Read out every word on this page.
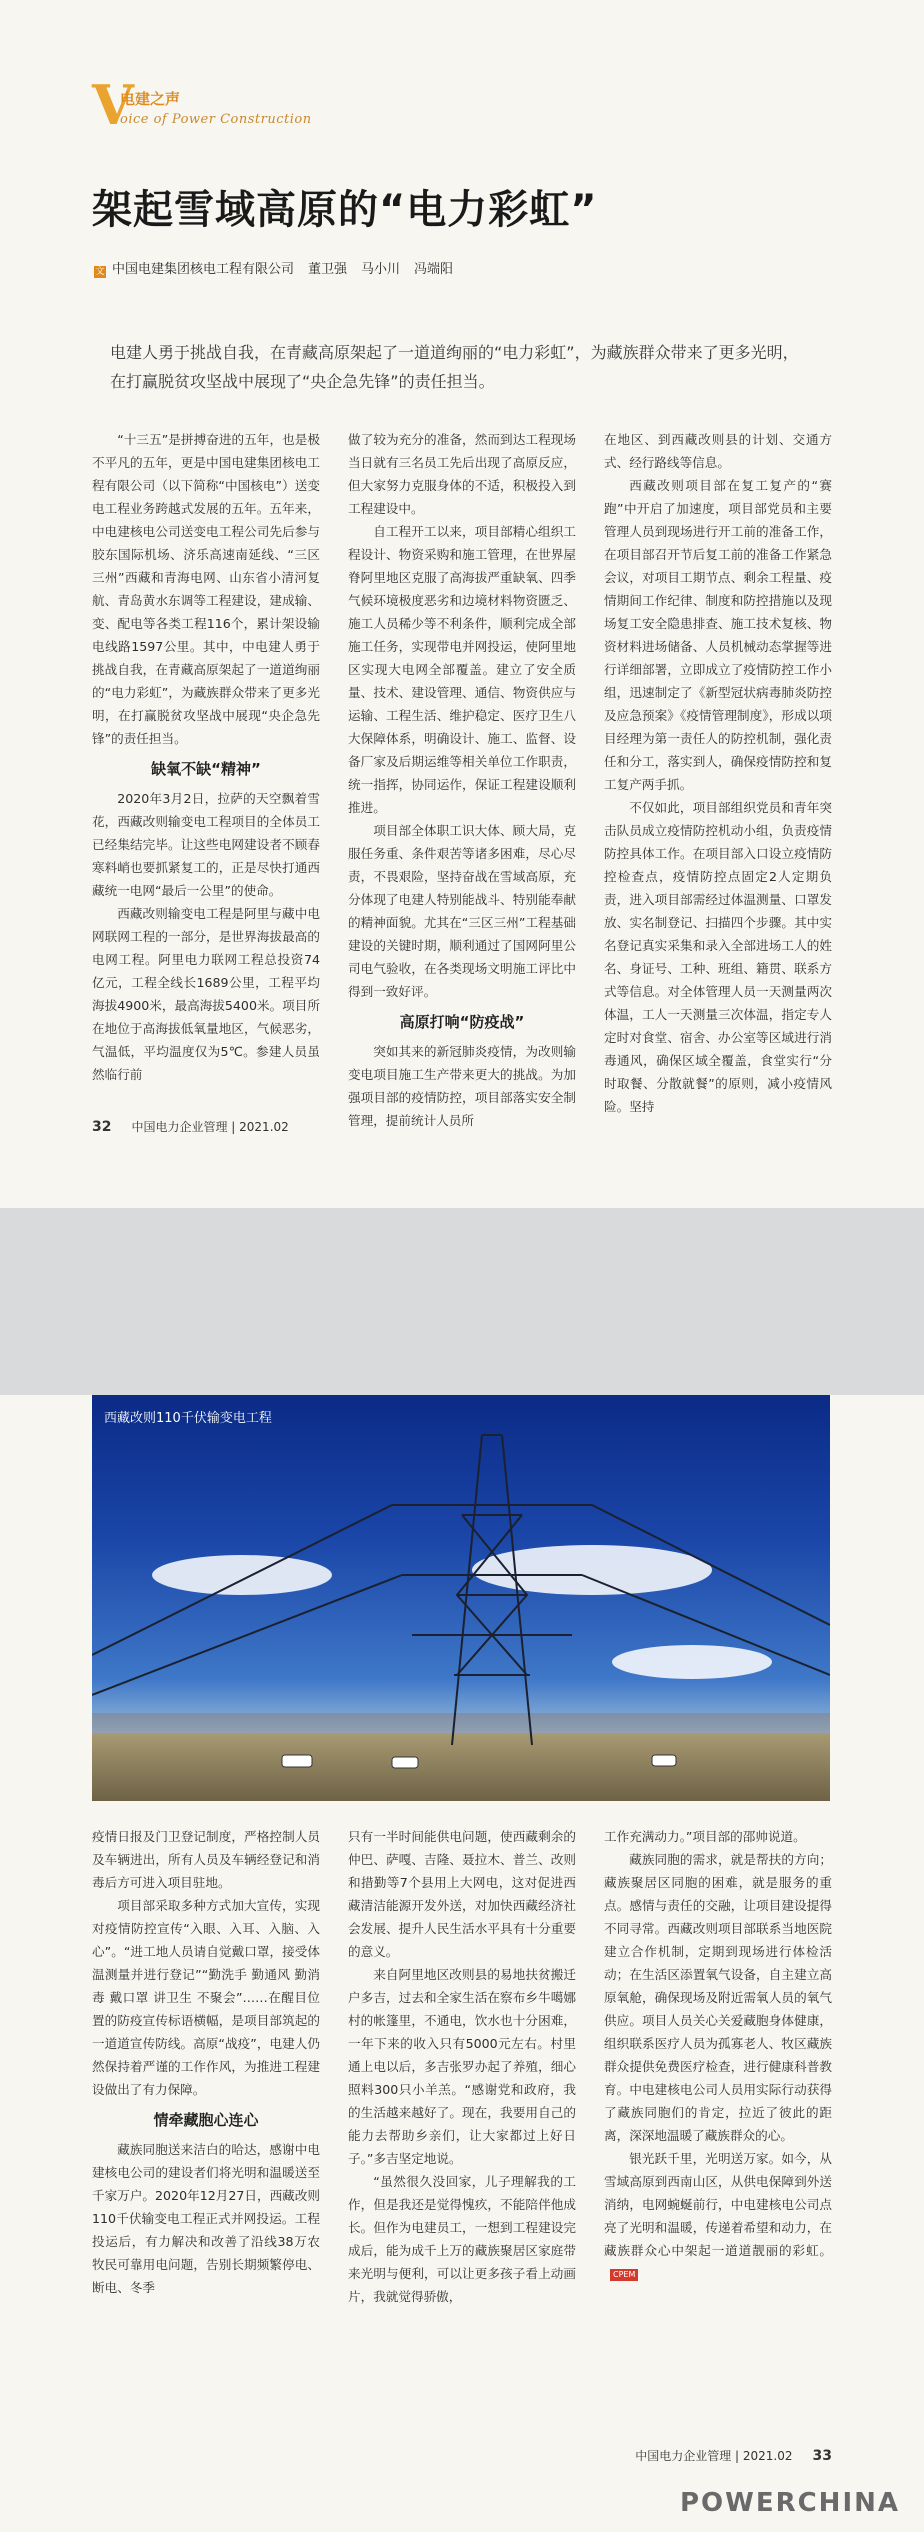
V
电建之声
oice of Power Construction
架起雪域高原的“电力彩虹”
文 中国电建集团核电工程有限公司 董卫强 马小川 冯端阳
电建人勇于挑战自我，在青藏高原架起了一道道绚丽的“电力彩虹”，为藏族群众带来了更多光明，在打赢脱贫攻坚战中展现了“央企急先锋”的责任担当。

“十三五”是拼搏奋进的五年，也是极不平凡的五年，更是中国电建集团核电工程有限公司（以下简称“中国核电”）送变电工程业务跨越式发展的五年。五年来，中电建核电公司送变电工程公司先后参与胶东国际机场、济乐高速南延线、“三区三州”西藏和青海电网、山东省小清河复航、青岛黄水东调等工程建设，建成输、变、配电等各类工程116个，累计架设输电线路1597公里。其中，中电建人勇于挑战自我，在青藏高原架起了一道道绚丽的“电力彩虹”，为藏族群众带来了更多光明，在打赢脱贫攻坚战中展现“央企急先锋”的责任担当。

缺氧不缺“精神”

2020年3月2日，拉萨的天空飘着雪花，西藏改则输变电工程项目的全体员工已经集结完毕。让这些电网建设者不顾春寒料峭也要抓紧复工的，正是尽快打通西藏统一电网“最后一公里”的使命。

西藏改则输变电工程是阿里与藏中电网联网工程的一部分，是世界海拔最高的电网工程。阿里电力联网工程总投资74亿元，工程全线长1689公里，工程平均海拔4900米，最高海拔5400米。项目所在地位于高海拔低氧量地区，气候恶劣，气温低，平均温度仅为5℃。参建人员虽然临行前

做了较为充分的准备，然而到达工程现场当日就有三名员工先后出现了高原反应，但大家努力克服身体的不适，积极投入到工程建设中。

自工程开工以来，项目部精心组织工程设计、物资采购和施工管理，在世界屋脊阿里地区克服了高海拔严重缺氧、四季气候环境极度恶劣和边境材料物资匮乏、施工人员稀少等不利条件，顺利完成全部施工任务，实现带电并网投运，使阿里地区实现大电网全部覆盖。建立了安全质量、技术、建设管理、通信、物资供应与运输、工程生活、维护稳定、医疗卫生八大保障体系，明确设计、施工、监督、设备厂家及后期运维等相关单位工作职责，统一指挥，协同运作，保证工程建设顺利推进。

项目部全体职工识大体、顾大局，克服任务重、条件艰苦等诸多困难，尽心尽责，不畏艰险，坚持奋战在雪域高原，充分体现了电建人特别能战斗、特别能奉献的精神面貌。尤其在“三区三州”工程基础建设的关键时期，顺利通过了国网阿里公司电气验收，在各类现场文明施工评比中得到一致好评。

高原打响“防疫战”

突如其来的新冠肺炎疫情，为改则输变电项目施工生产带来更大的挑战。为加强项目部的疫情防控，项目部落实安全制管理，提前统计人员所

在地区、到西藏改则县的计划、交通方式、经行路线等信息。

西藏改则项目部在复工复产的“赛跑”中开启了加速度，项目部党员和主要管理人员到现场进行开工前的准备工作，在项目部召开节后复工前的准备工作紧急会议，对项目工期节点、剩余工程量、疫情期间工作纪律、制度和防控措施以及现场复工安全隐患排查、施工技术复核、物资材料进场储备、人员机械动态掌握等进行详细部署，立即成立了疫情防控工作小组，迅速制定了《新型冠状病毒肺炎防控及应急预案》《疫情管理制度》，形成以项目经理为第一责任人的防控机制，强化责任和分工，落实到人，确保疫情防控和复工复产两手抓。

不仅如此，项目部组织党员和青年突击队员成立疫情防控机动小组，负责疫情防控具体工作。在项目部入口设立疫情防控检查点，疫情防控点固定2人定期负责，进入项目部需经过体温测量、口罩发放、实名制登记、扫描四个步骤。其中实名登记真实采集和录入全部进场工人的姓名、身证号、工种、班组、籍贯、联系方式等信息。对全体管理人员一天测量两次体温，工人一天测量三次体温，指定专人定时对食堂、宿舍、办公室等区域进行消毒通风，确保区域全覆盖，食堂实行“分时取餐、分散就餐”的原则，减小疫情风险。坚持

32 中国电力企业管理 | 2021.02
西藏改则110千伏输变电工程

疫情日报及门卫登记制度，严格控制人员及车辆进出，所有人员及车辆经登记和消毒后方可进入项目驻地。

项目部采取多种方式加大宣传，实现对疫情防控宣传“入眼、入耳、入脑、入心”。“进工地人员请自觉戴口罩，接受体温测量并进行登记”“勤洗手 勤通风 勤消毒 戴口罩 讲卫生 不聚会”……在醒目位置的防疫宣传标语横幅，是项目部筑起的一道道宣传防线。高原“战疫”，电建人仍然保持着严谨的工作作风，为推进工程建设做出了有力保障。

情牵藏胞心连心

藏族同胞送来洁白的哈达，感谢中电建核电公司的建设者们将光明和温暖送至千家万户。2020年12月27日，西藏改则110千伏输变电工程正式并网投运。工程投运后，有力解决和改善了沿线38万农牧民可靠用电问题，告别长期频繁停电、断电、冬季

只有一半时间能供电问题，使西藏剩余的仲巴、萨嘎、吉隆、聂拉木、普兰、改则和措勤等7个县用上大网电，这对促进西藏清洁能源开发外送，对加快西藏经济社会发展、提升人民生活水平具有十分重要的意义。

来自阿里地区改则县的易地扶贫搬迁户多吉，过去和全家生活在察布乡牛噶娜村的帐篷里，不通电，饮水也十分困难，一年下来的收入只有5000元左右。村里通上电以后，多吉张罗办起了养殖，细心照料300只小羊羔。“感谢党和政府，我的生活越来越好了。现在，我要用自己的能力去帮助乡亲们，让大家都过上好日子。”多吉坚定地说。

“虽然很久没回家，儿子理解我的工作，但是我还是觉得愧疚，不能陪伴他成长。但作为电建员工，一想到工程建设完成后，能为成千上万的藏族聚居区家庭带来光明与便利，可以让更多孩子看上动画片，我就觉得骄傲，

工作充满动力。”项目部的邵帅说道。

藏族同胞的需求，就是帮扶的方向；藏族聚居区同胞的困难，就是服务的重点。感情与责任的交融，让项目建设提得不同寻常。西藏改则项目部联系当地医院建立合作机制，定期到现场进行体检活动；在生活区添置氧气设备，自主建立高原氧舱，确保现场及附近需氧人员的氧气供应。项目人员关心关爱藏胞身体健康，组织联系医疗人员为孤寡老人、牧区藏族群众提供免费医疗检查，进行健康科普教育。中电建核电公司人员用实际行动获得了藏族同胞们的肯定，拉近了彼此的距离，深深地温暖了藏族群众的心。

银光跃千里，光明送万家。如今，从雪域高原到西南山区，从供电保障到外送消纳，电网蜿蜒前行，中电建核电公司点亮了光明和温暖，传递着希望和动力，在藏族群众心中架起一道道靓丽的彩虹。CPEM

中国电力企业管理 | 2021.02 33
POWERCHINA
